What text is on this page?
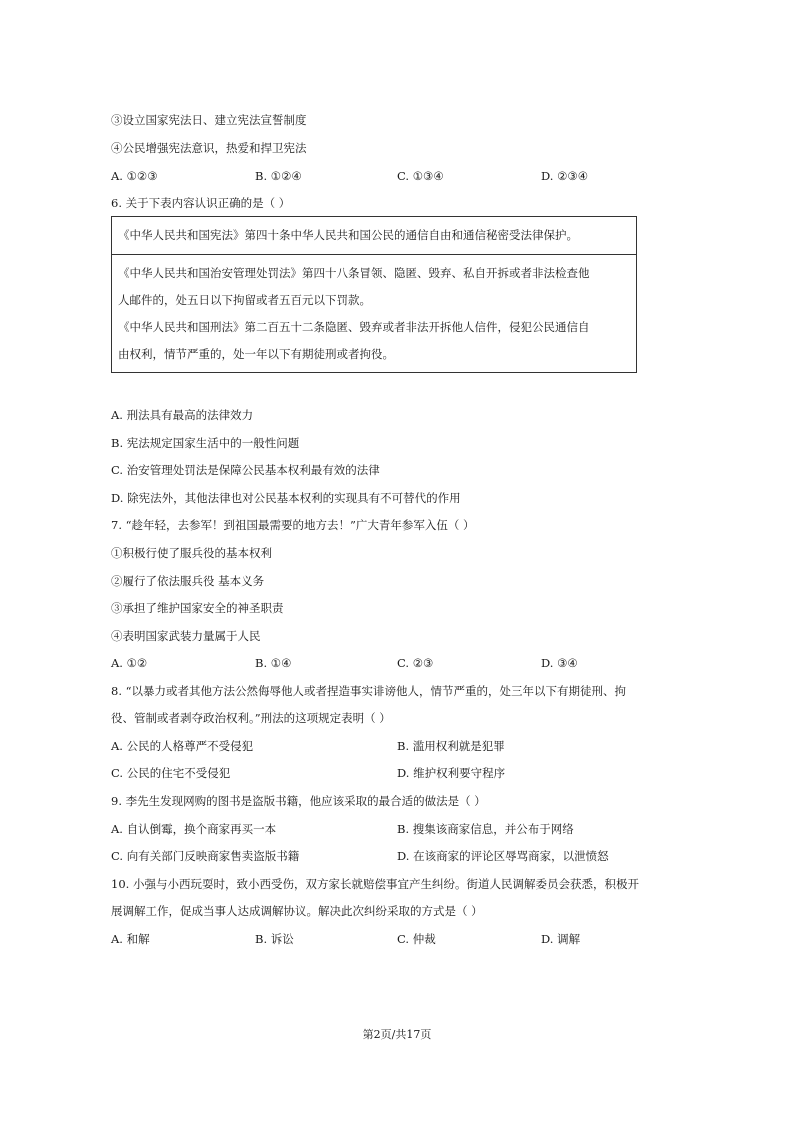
③设立国家宪法日、建立宪法宣誓制度
④公民增强宪法意识，热爱和捍卫宪法
A. ①②③	B. ①②④	C. ①③④	D. ②③④
6. 关于下表内容认识正确的是（ ）
《中华人民共和国宪法》第四十条中华人民共和国公民的通信自由和通信秘密受法律保护。
《中华人民共和国治安管理处罚法》第四十八条冒领、隐匿、毁弃、私自开拆或者非法检查他
人邮件的，处五日以下拘留或者五百元以下罚款。
《中华人民共和国刑法》第二百五十二条隐匿、毁弃或者非法开拆他人信件，侵犯公民通信自
由权利，情节严重的，处一年以下有期徒刑或者拘役。
A. 刑法具有最高的法律效力
B. 宪法规定国家生活中的一般性问题
C. 治安管理处罚法是保障公民基本权利最有效的法律
D. 除宪法外，其他法律也对公民基本权利的实现具有不可替代的作用
7. “趁年轻，去参军！到祖国最需要的地方去！”广大青年参军入伍（ ）
①积极行使了服兵役的基本权利
②履行了依法服兵役 基本义务
③承担了维护国家安全的神圣职责
④表明国家武装力量属于人民
A. ①②	B. ①④	C. ②③	D. ③④
8. “以暴力或者其他方法公然侮辱他人或者捏造事实诽谤他人，情节严重的，处三年以下有期徒刑、拘
役、管制或者剥夺政治权利。”刑法的这项规定表明（ ）
A. 公民的人格尊严不受侵犯	B. 滥用权利就是犯罪
C. 公民的住宅不受侵犯	D. 维护权利要守程序
9. 李先生发现网购的图书是盗版书籍，他应该采取的最合适的做法是（ ）
A. 自认倒霉，换个商家再买一本	B. 搜集该商家信息，并公布于网络
C. 向有关部门反映商家售卖盗版书籍	D. 在该商家的评论区辱骂商家，以泄愤怒
10. 小强与小西玩耍时，致小西受伤，双方家长就赔偿事宜产生纠纷。街道人民调解委员会获悉，积极开
展调解工作，促成当事人达成调解协议。解决此次纠纷采取的方式是（ ）
A. 和解	B. 诉讼	C. 仲裁	D. 调解
第2页/共17页
